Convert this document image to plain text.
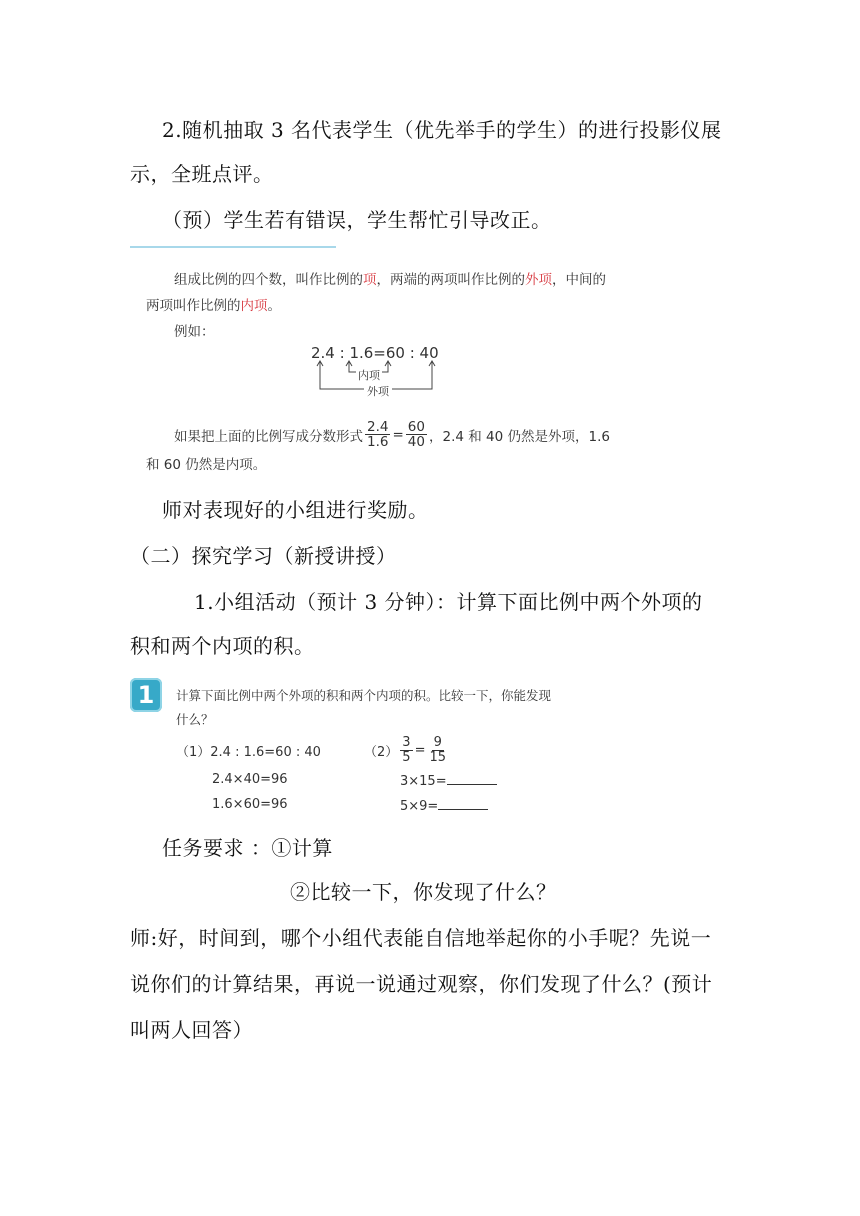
2.随机抽取 3 名代表学生（优先举手的学生）的进行投影仪展
示，全班点评。
（预）学生若有错误，学生帮忙引导改正。
组成比例的四个数，叫作比例的项，两端的两项叫作比例的外项，中间的
两项叫作比例的内项。
例如：
2.4 : 1.6=60 : 40
内项
外项
如果把上面的比例写成分数形式 $\frac{2.4}{1.6} = \frac{60}{40}$ ，2.4 和 40 仍然是外项，1.6
和 60 仍然是内项。
师对表现好的小组进行奖励。
（二）探究学习（新授讲授）
1.小组活动（预计 3 分钟）：计算下面比例中两个外项的
积和两个内项的积。
1	计算下面比例中两个外项的积和两个内项的积。比较一下，你能发现
什么？
（1）2.4 : 1.6=60 : 40
2.4×40=96
1.6×60=96
$(2) \frac{3}{5} = \frac{9}{15}$
3×15=
5×9=
任务要求 ：①计算
②比较一下，你发现了什么？
师:好，时间到，哪个小组代表能自信地举起你的小手呢？先说一
说你们的计算结果，再说一说通过观察，你们发现了什么？(预计
叫两人回答）
